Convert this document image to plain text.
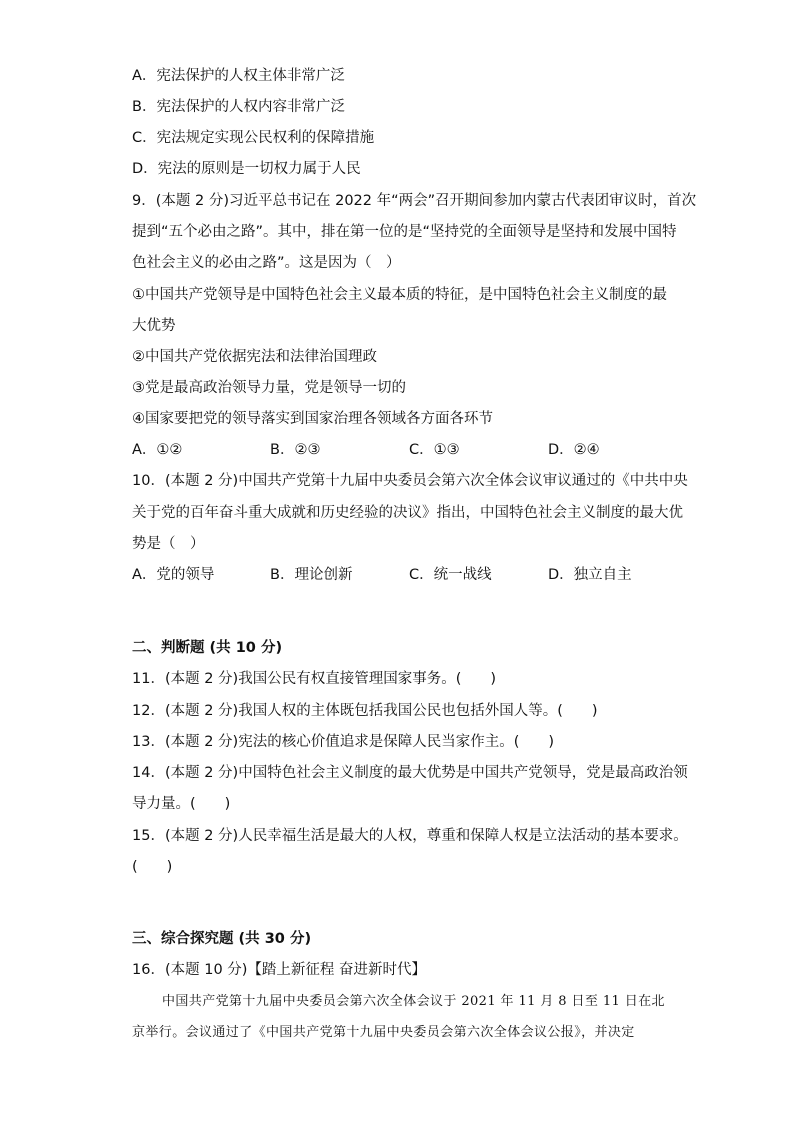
A．宪法保护的人权主体非常广泛
B．宪法保护的人权内容非常广泛
C．宪法规定实现公民权利的保障措施
D．宪法的原则是一切权力属于人民
9．(本题 2 分)习近平总书记在 2022 年“两会”召开期间参加内蒙古代表团审议时，首次
提到“五个必由之路”。其中，排在第一位的是“坚持党的全面领导是坚持和发展中国特
色社会主义的必由之路”。这是因为（　）
①中国共产党领导是中国特色社会主义最本质的特征，是中国特色社会主义制度的最
大优势
②中国共产党依据宪法和法律治国理政
③党是最高政治领导力量，党是领导一切的
④国家要把党的领导落实到国家治理各领域各方面各环节
A．①②	B．②③	C．①③	D．②④
10．(本题 2 分)中国共产党第十九届中央委员会第六次全体会议审议通过的《中共中央
关于党的百年奋斗重大成就和历史经验的决议》指出，中国特色社会主义制度的最大优
势是（　）
A．党的领导	B．理论创新	C．统一战线	D．独立自主
二、判断题 (共 10 分)
11．(本题 2 分)我国公民有权直接管理国家事务。(　　)
12．(本题 2 分)我国人权的主体既包括我国公民也包括外国人等。(　　)
13．(本题 2 分)宪法的核心价值追求是保障人民当家作主。(　　)
14．(本题 2 分)中国特色社会主义制度的最大优势是中国共产党领导，党是最高政治领
导力量。(　　)
15．(本题 2 分)人民幸福生活是最大的人权，尊重和保障人权是立法活动的基本要求。
(　　)
三、综合探究题 (共 30 分)
16．(本题 10 分)【踏上新征程 奋进新时代】
中国共产党第十九届中央委员会第六次全体会议于 2021 年 11 月 8 日至 11 日在北
京举行。会议通过了《中国共产党第十九届中央委员会第六次全体会议公报》，并决定
